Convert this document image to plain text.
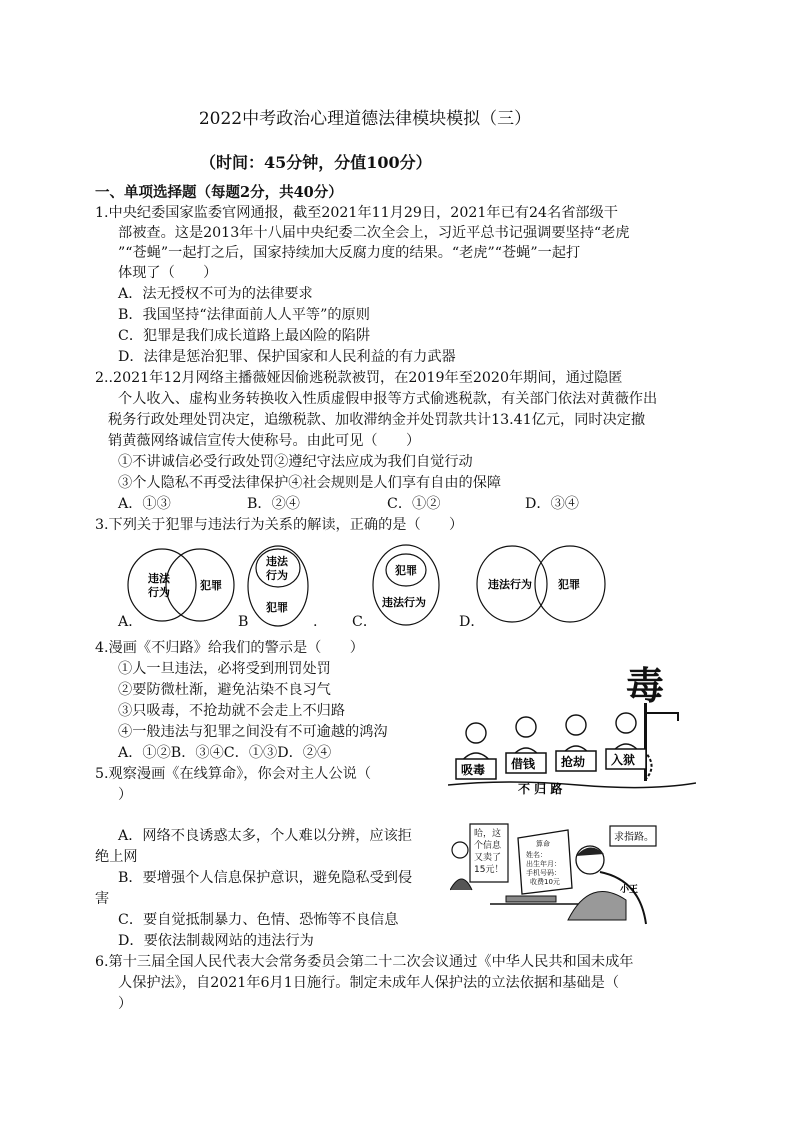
2022中考政治心理道德法律模块模拟（三）
（时间：45分钟，分值100分）
一、单项选择题（每题2分，共40分）
1.中央纪委国家监委官网通报，截至2021年11月29日，2021年已有24名省部级干
部被查。这是2013年十八届中央纪委二次全会上，习近平总书记强调要坚持“老虎
”“苍蝇”一起打之后，国家持续加大反腐力度的结果。“老虎”“苍蝇”一起打
体现了（　　）
A．法无授权不可为的法律要求
B．我国坚持“法律面前人人平等”的原则
C．犯罪是我们成长道路上最凶险的陷阱
D．法律是惩治犯罪、保护国家和人民利益的有力武器
2..2021年12月网络主播薇娅因偷逃税款被罚，在2019年至2020年期间，通过隐匿
个人收入、虚构业务转换收入性质虚假申报等方式偷逃税款，有关部门依法对黄薇作出
税务行政处理处罚决定，追缴税款、加收滞纳金并处罚款共计13.41亿元，同时决定撤
销黄薇网络诚信宣传大使称号。由此可见（　　）
①不讲诚信必受行政处罚②遵纪守法应成为我们自觉行动
③个人隐私不再受法律保护④社会规则是人们享有自由的保障
A．①③	B．②④	C．①②	D．③④
3.下列关于犯罪与违法行为关系的解读，正确的是（　　）
违法
行为
犯罪
违法
行为
犯罪
犯罪
违法行为
违法行为 犯罪
A．	B	. C．	D．
4.漫画《不归路》给我们的警示是（　　）
①人一旦违法，必将受到刑罚处罚
②要防微杜渐，避免沾染不良习气
③只吸毒，不抢劫就不会走上不归路
④一般违法与犯罪之间没有不可逾越的鸿沟
A．①②B．③④C．①③D．②④
毒
吸毒 借钱 抢劫 入狱
不 归 路
5.观察漫画《在线算命》，你会对主人公说（
）
A．网络不良诱惑太多，个人难以分辨，应该拒
绝上网
B．要增强个人信息保护意识，避免隐私受到侵
害
C．要自觉抵制暴力、色情、恐怖等不良信息
D．要依法制裁网站的违法行为
哈，这 个信息 又卖了 15元！
算命 姓名： 出生年月： 手机号码： 收费10元
求指路。
小王
6.第十三届全国人民代表大会常务委员会第二十二次会议通过《中华人民共和国未成年
人保护法》，自2021年6月1日施行。制定未成年人保护法的立法依据和基础是（
）
